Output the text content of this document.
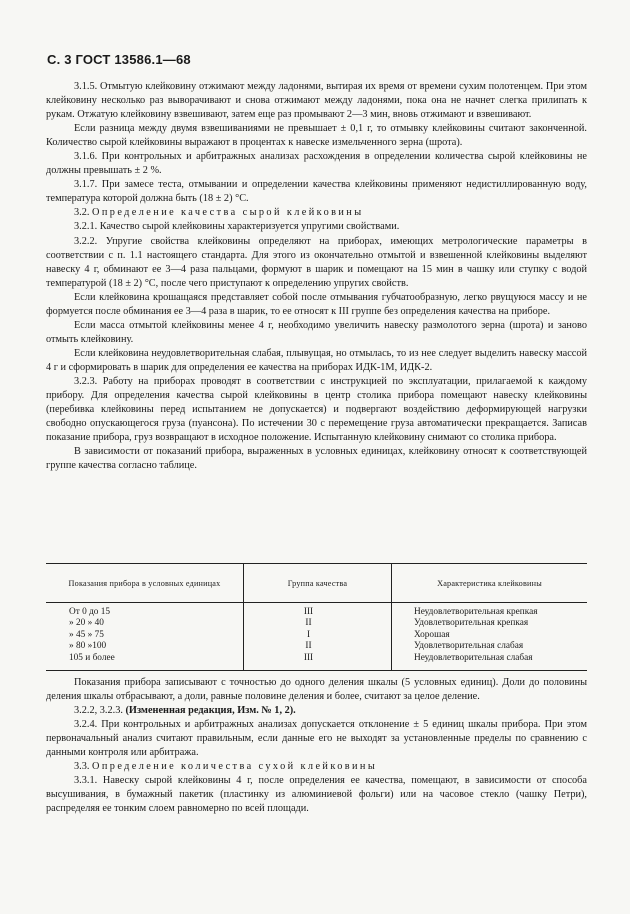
С. 3 ГОСТ 13586.1—68

3.1.5. Отмытую клейковину отжимают между ладонями, вытирая их время от времени сухим полотенцем. При этом клейковину несколько раз выворачивают и снова отжимают между ладонями, пока она не начнет слегка прилипать к рукам. Отжатую клейковину взвешивают, затем еще раз промывают 2—3 мин, вновь отжимают и взвешивают.

Если разница между двумя взвешиваниями не превышает ± 0,1 г, то отмывку клейковины считают законченной. Количество сырой клейковины выражают в процентах к навеске измельченного зерна (шрота).

3.1.6. При контрольных и арбитражных анализах расхождения в определении количества сырой клейковины не должны превышать ± 2 %.

3.1.7. При замесе теста, отмывании и определении качества клейковины применяют недистиллированную воду, температура которой должна быть (18 ± 2) °С.

3.2. Определение качества сырой клейковины

3.2.1. Качество сырой клейковины характеризуется упругими свойствами.

3.2.2. Упругие свойства клейковины определяют на приборах, имеющих метрологические параметры в соответствии с п. 1.1 настоящего стандарта. Для этого из окончательно отмытой и взвешенной клейковины выделяют навеску 4 г, обминают ее 3—4 раза пальцами, формуют в шарик и помещают на 15 мин в чашку или ступку с водой температурой (18 ± 2) °С, после чего приступают к определению упругих свойств.

Если клейковина крошащаяся представляет собой после отмывания губчатообразную, легко рвущуюся массу и не формуется после обминания ее 3—4 раза в шарик, то ее относят к III группе без определения качества на приборе.

Если масса отмытой клейковины менее 4 г, необходимо увеличить навеску размолотого зерна (шрота) и заново отмыть клейковину.

Если клейковина неудовлетворительная слабая, плывущая, но отмылась, то из нее следует выделить навеску массой 4 г и сформировать в шарик для определения ее качества на приборах ИДК-1М, ИДК-2.

3.2.3. Работу на приборах проводят в соответствии с инструкцией по эксплуатации, прилагаемой к каждому прибору. Для определения качества сырой клейковины в центр столика прибора помещают навеску клейковины (перебивка клейковины перед испытанием не допускается) и подвергают воздействию деформирующей нагрузки свободно опускающегося груза (пуансона). По истечении 30 с перемещение груза автоматически прекращается. Записав показание прибора, груз возвращают в исходное положение. Испытанную клейковину снимают со столика прибора.

В зависимости от показаний прибора, выраженных в условных единицах, клейковину относят к соответствующей группе качества согласно таблице.

Показания прибора в условных единицах	Группа качества	Характеристика клейковины
От 0 до 15	III	Неудовлетворительная крепкая
» 20 » 40	II	Удовлетворительная крепкая
» 45 » 75	I	Хорошая
» 80 »100	II	Удовлетворительная слабая
105 и более	III	Неудовлетворительная слабая

Показания прибора записывают с точностью до одного деления шкалы (5 условных единиц). Доли до половины деления шкалы отбрасывают, а доли, равные половине деления и более, считают за целое деление.

3.2.2, 3.2.3. (Измененная редакция, Изм. № 1, 2).

3.2.4. При контрольных и арбитражных анализах допускается отклонение ± 5 единиц шкалы прибора. При этом первоначальный анализ считают правильным, если данные его не выходят за установленные пределы по сравнению с данными контроля или арбитража.

3.3. Определение количества сухой клейковины

3.3.1. Навеску сырой клейковины 4 г, после определения ее качества, помещают, в зависимости от способа высушивания, в бумажный пакетик (пластинку из алюминиевой фольги) или на часовое стекло (чашку Петри), распределяя ее тонким слоем равномерно по всей площади.
